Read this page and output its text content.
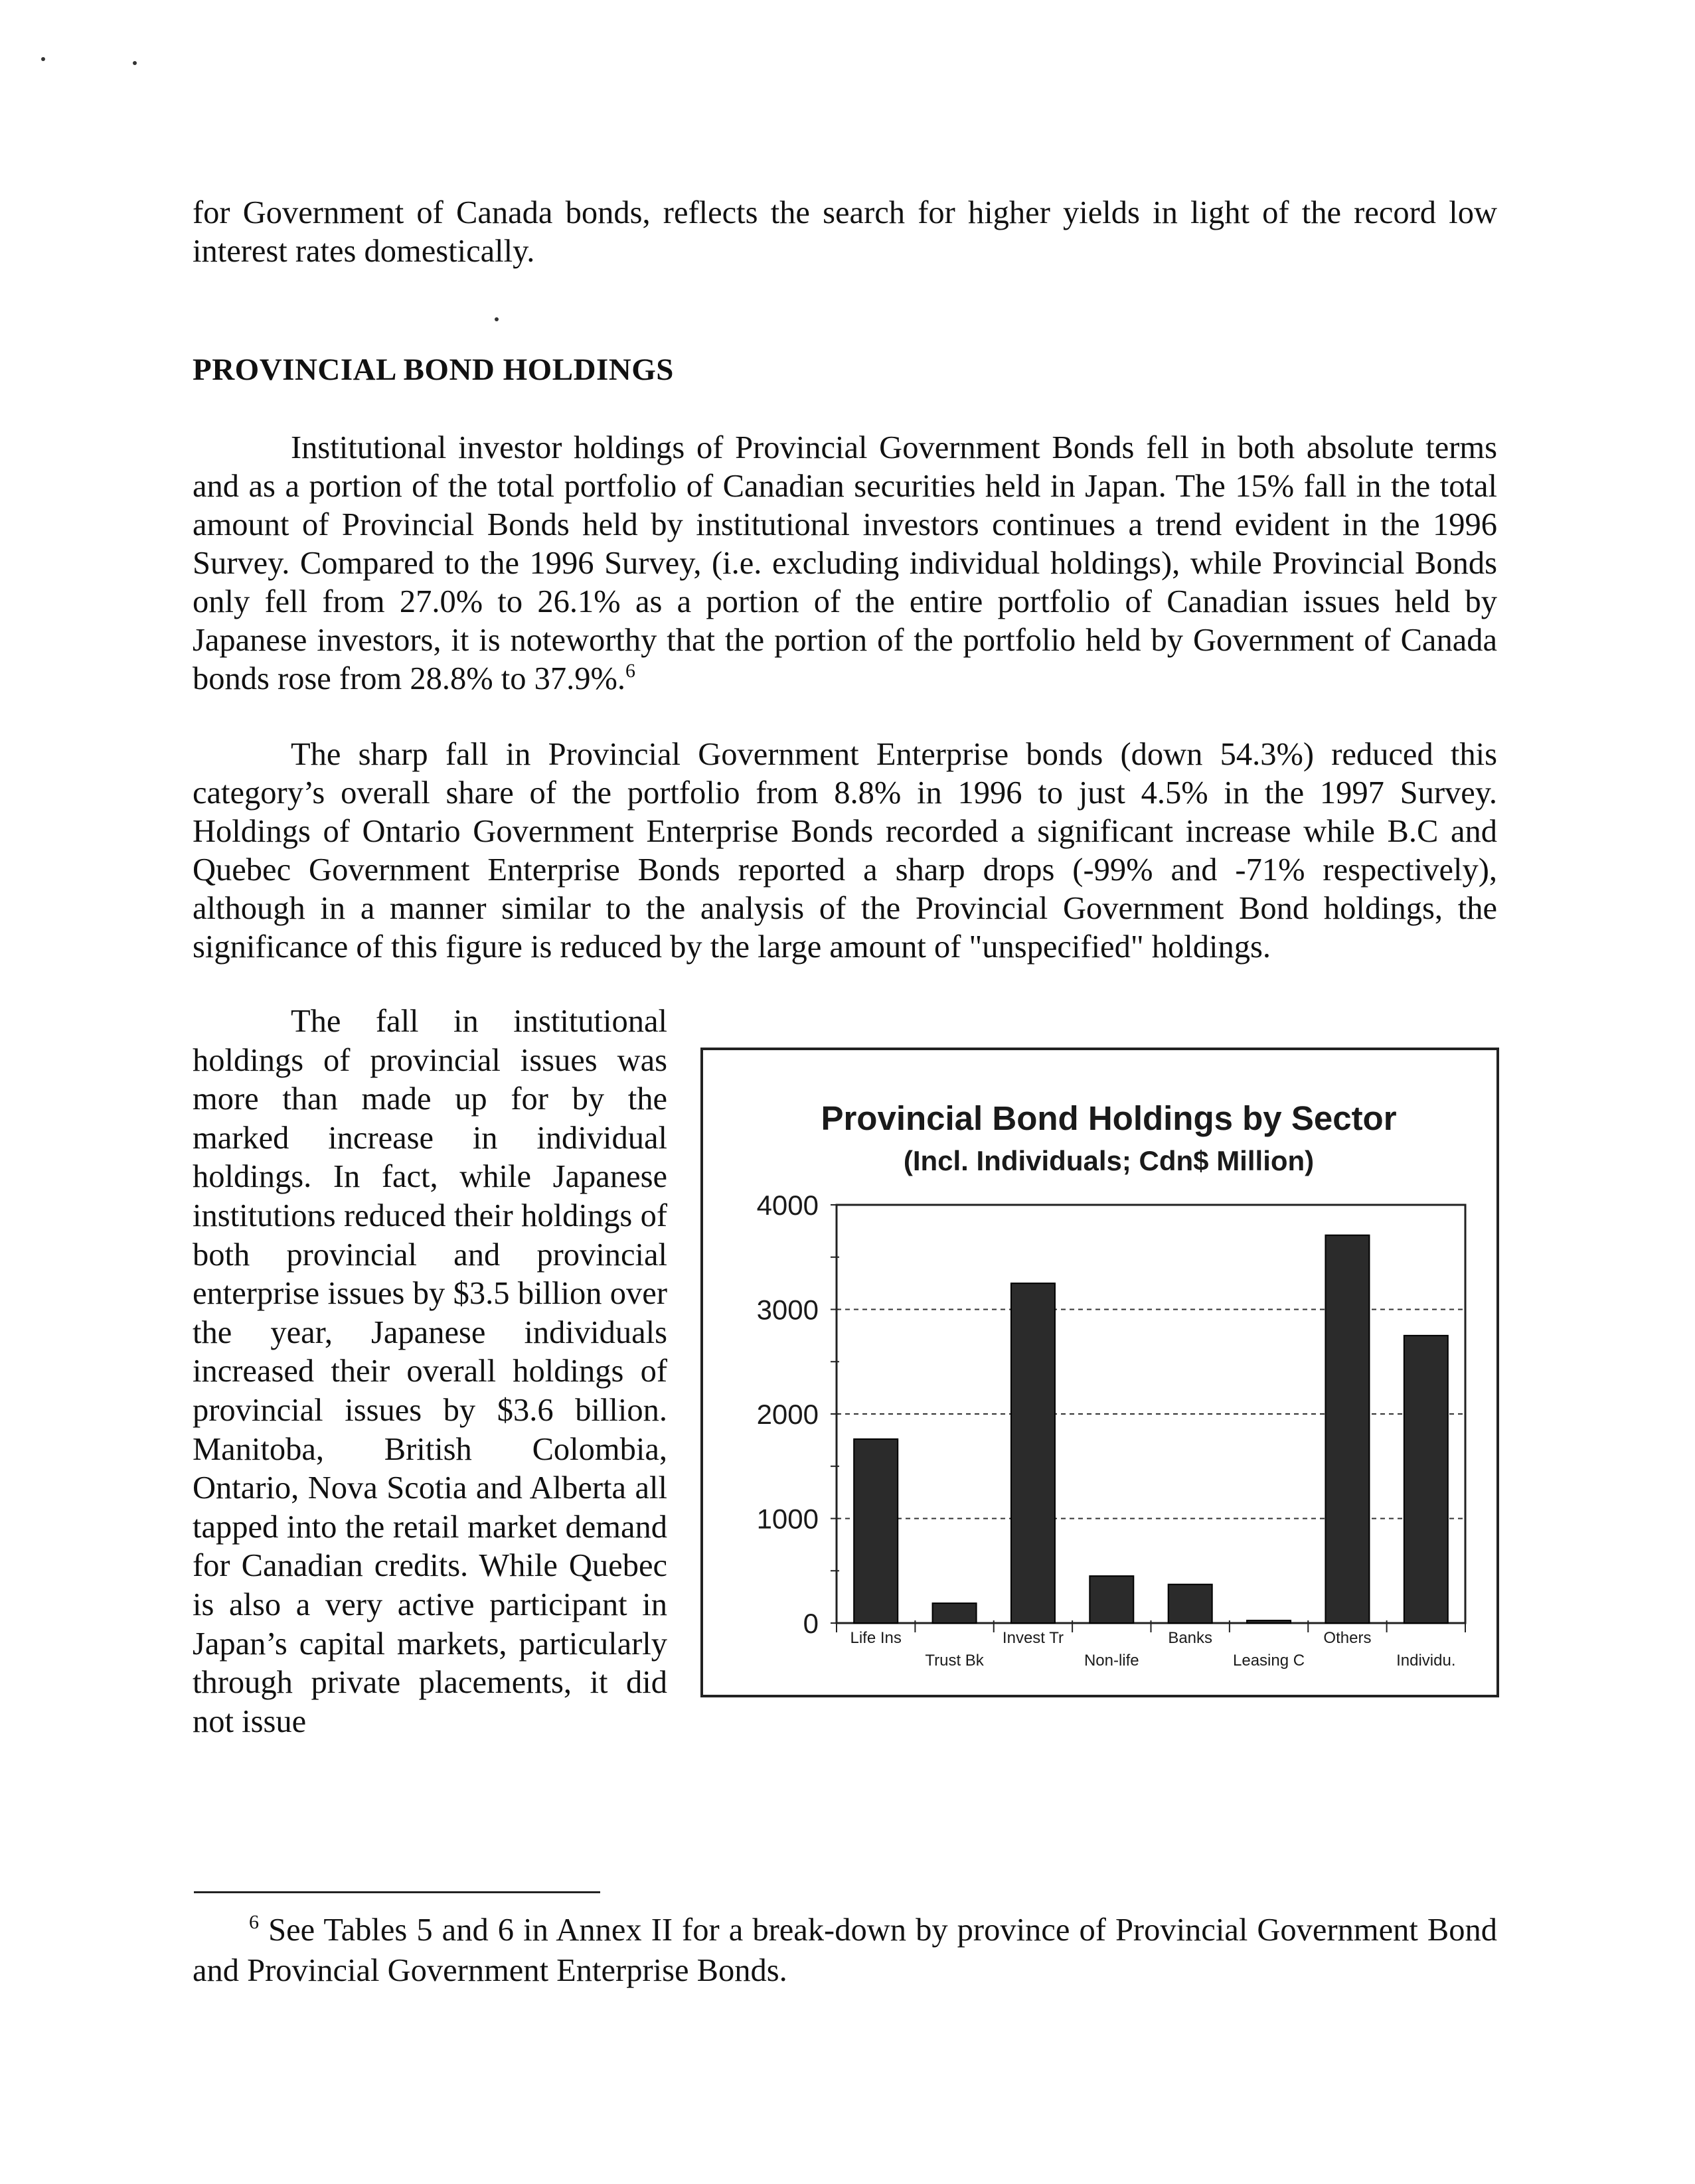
for Government of Canada bonds, reflects the search for higher yields in light of the record low interest rates domestically.

PROVINCIAL BOND HOLDINGS

Institutional investor holdings of Provincial Government Bonds fell in both absolute terms and as a portion of the total portfolio of Canadian securities held in Japan. The 15% fall in the total amount of Provincial Bonds held by institutional investors continues a trend evident in the 1996 Survey. Compared to the 1996 Survey, (i.e. excluding individual holdings), while Provincial Bonds only fell from 27.0% to 26.1% as a portion of the entire portfolio of Canadian issues held by Japanese investors, it is noteworthy that the portion of the portfolio held by Government of Canada bonds rose from 28.8% to 37.9%.$^6$

The sharp fall in Provincial Government Enterprise bonds (down 54.3%) reduced this category’s overall share of the portfolio from 8.8% in 1996 to just 4.5% in the 1997 Survey. Holdings of Ontario Government Enterprise Bonds recorded a significant increase while B.C and Quebec Government Enterprise Bonds reported a sharp drops (-99% and -71% respectively), although in a manner similar to the analysis of the Provincial Government Bond holdings, the significance of this figure is reduced by the large amount of "unspecified" holdings.

The fall in institutional holdings of provincial issues was more than made up for by the marked increase in individual holdings. In fact, while Japanese institutions reduced their holdings of both provincial and provincial enterprise issues by $3.5 billion over the year, Japanese individuals increased their overall holdings of provincial issues by $3.6 billion. Manitoba, British Colombia, Ontario, Nova Scotia and Alberta all tapped into the retail market demand for Canadian credits. While Quebec is also a very active participant in Japan’s capital markets, particularly through private placements, it did not issue

Provincial Bond Holdings by Sector
(Incl. Individuals; Cdn$ Million)
0
1000
2000
3000
4000
Life Ins
Trust Bk
Invest Tr
Non-life
Banks
Leasing C
Others
Individu.

$^6$ See Tables 5 and 6 in Annex II for a break-down by province of Provincial Government Bond and Provincial Government Enterprise Bonds.
